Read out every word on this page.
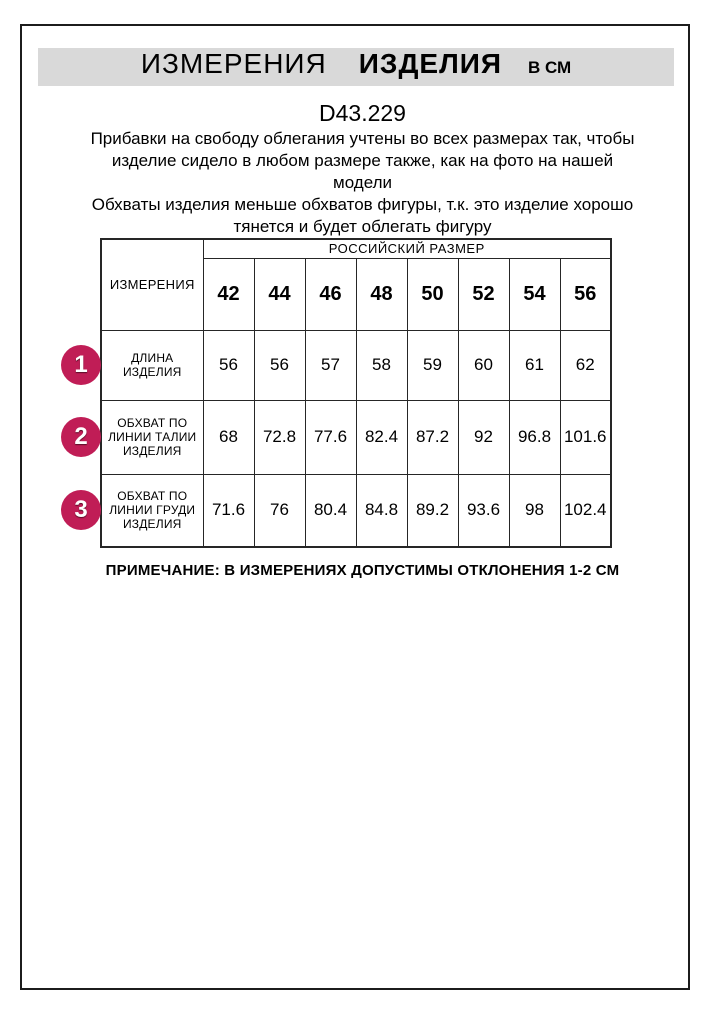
ИЗМЕРЕНИЯ ИЗДЕЛИЯ В СМ
D43.229
Прибавки на свободу облегания учтены во всех размерах так, чтобы
изделие сидело в любом размере также, как на фото на нашей
модели
Обхваты изделия меньше обхватов фигуры, т.к. это изделие хорошо
тянется и будет облегать фигуру
ИЗМЕРЕНИЯ	РОССИЙСКИЙ РАЗМЕР							
	42	44	46	48	50	52	54	56

ДЛИНА
ИЗДЕЛИЯ	56	56	57	58	59	60	61	62

ОБХВАТ ПО
ЛИНИИ ТАЛИИ
ИЗДЕЛИЯ	68	72.8	77.6	82.4	87.2	92	96.8	101.6

ОБХВАТ ПО
ЛИНИИ ГРУДИ
ИЗДЕЛИЯ	71.6	76	80.4	84.8	89.2	93.6	98	102.4
1
2
3
ПРИМЕЧАНИЕ: В ИЗМЕРЕНИЯХ ДОПУСТИМЫ ОТКЛОНЕНИЯ 1-2 СМ
